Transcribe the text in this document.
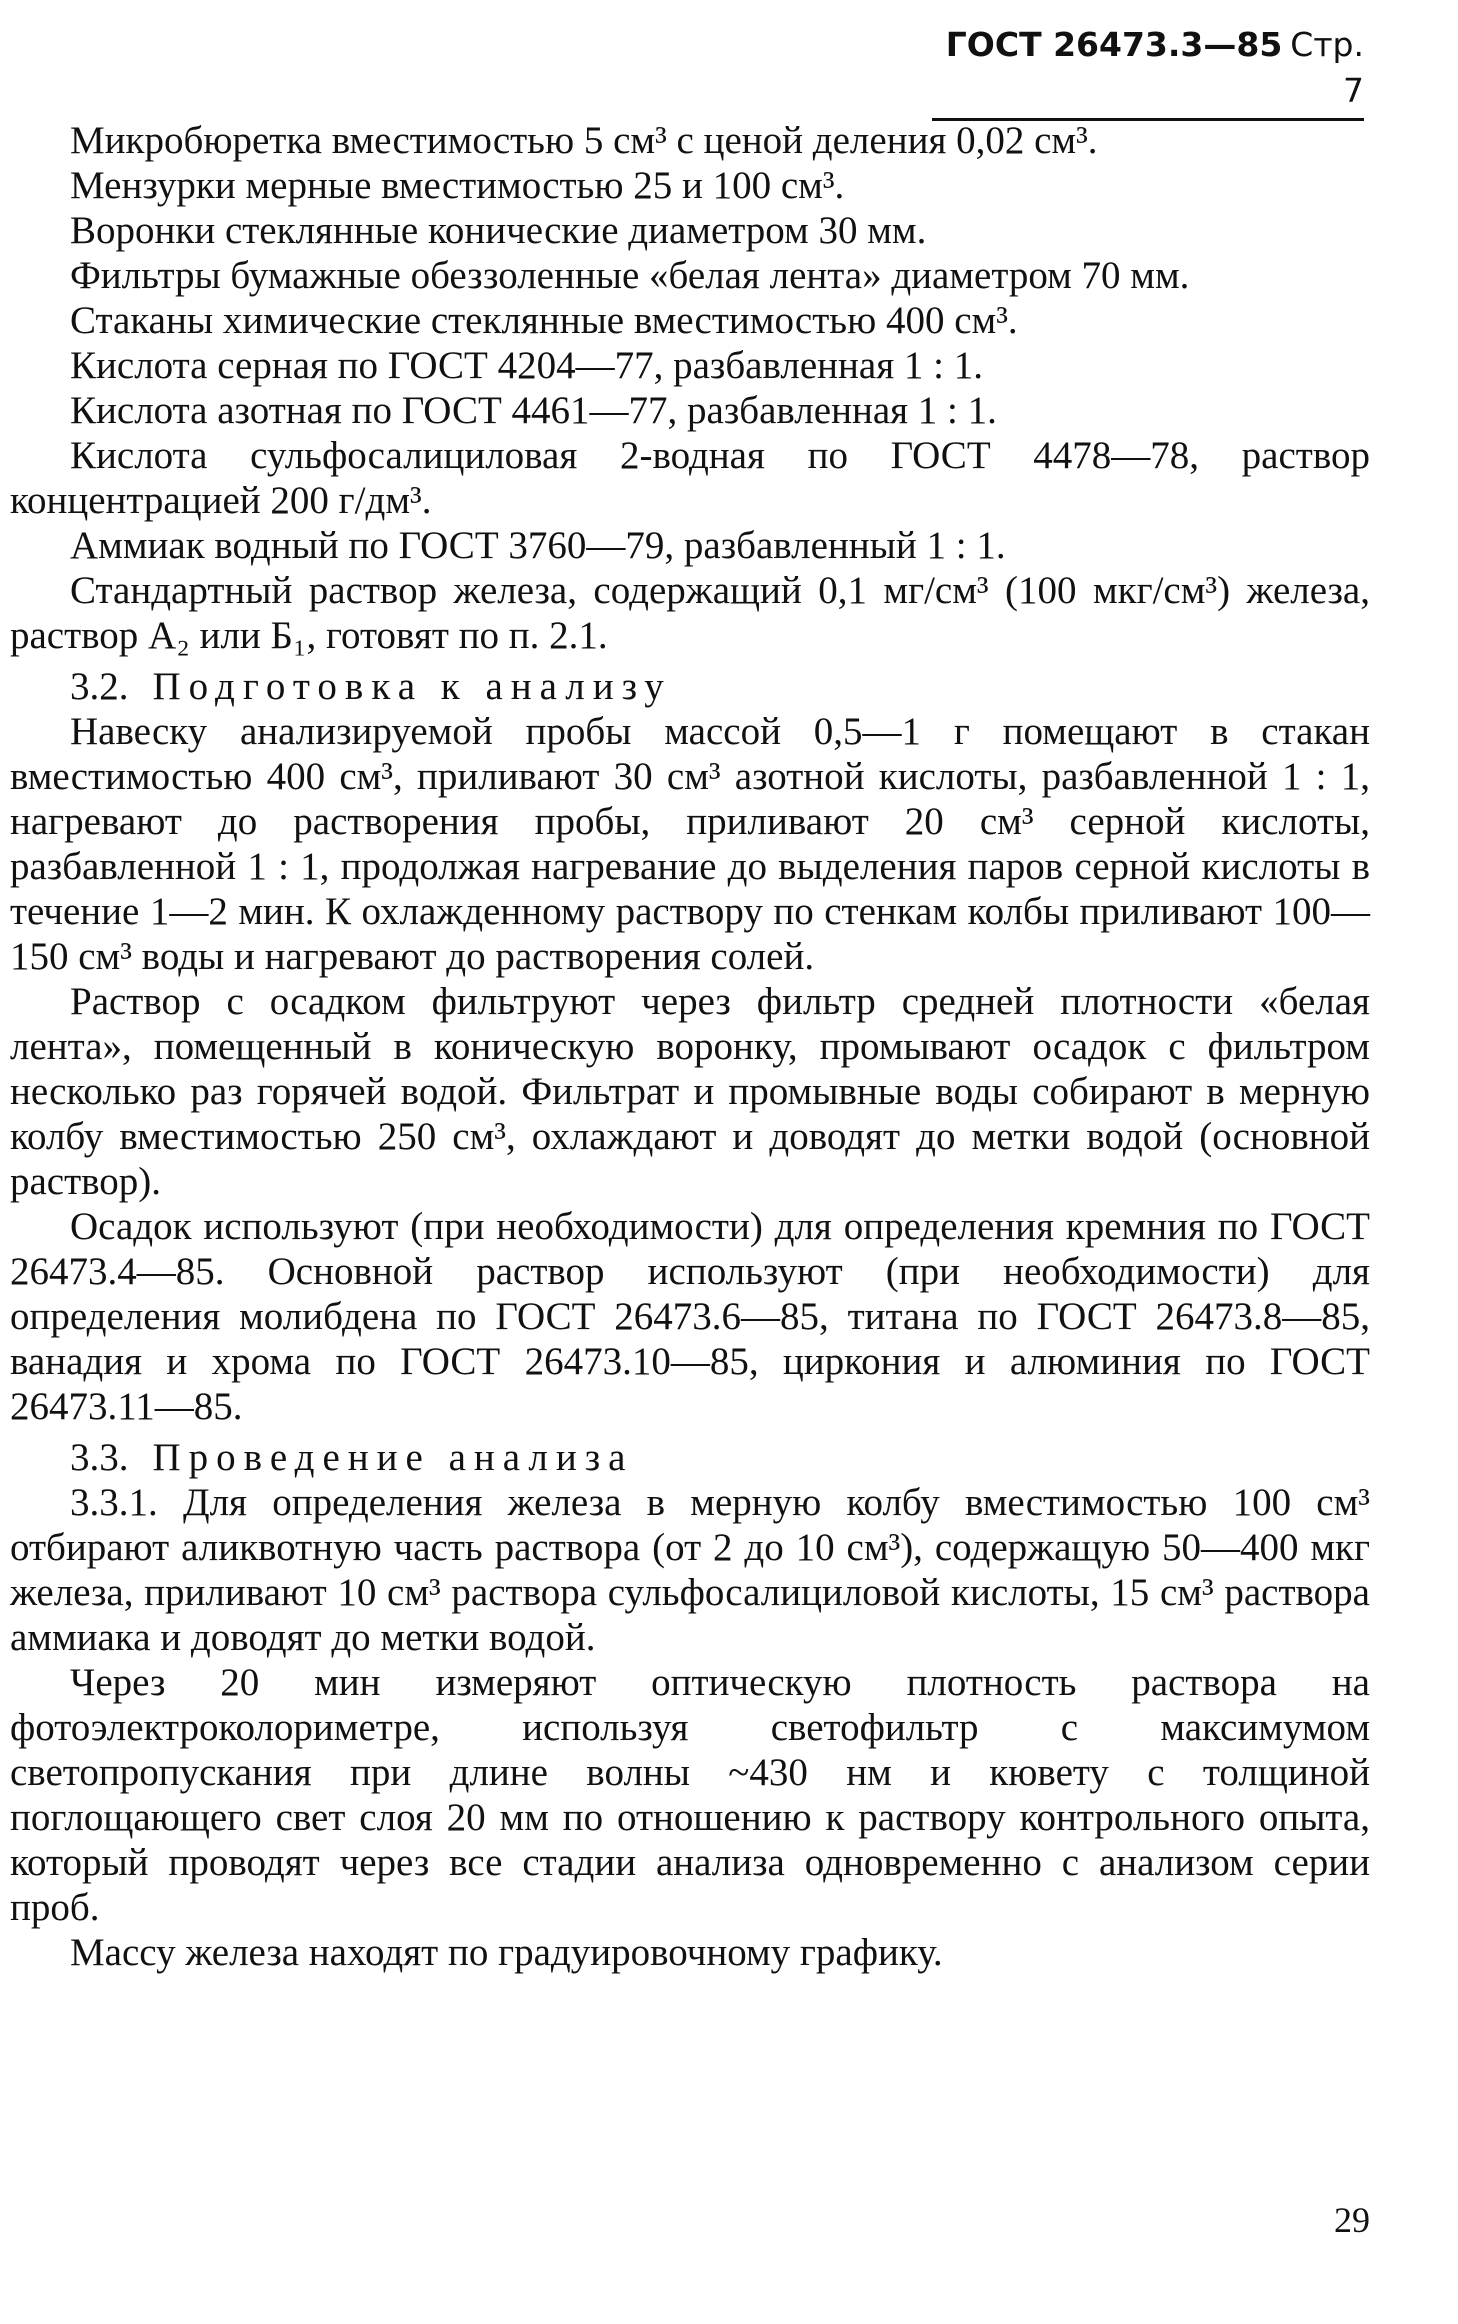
ГОСТ 26473.3—85 Стр. 7

Микробюретка вместимостью 5 см³ с ценой деления 0,02 см³.

Мензурки мерные вместимостью 25 и 100 см³.

Воронки стеклянные конические диаметром 30 мм.

Фильтры бумажные обеззоленные «белая лента» диаметром 70 мм.

Стаканы химические стеклянные вместимостью 400 см³.

Кислота серная по ГОСТ 4204—77, разбавленная 1 : 1.

Кислота азотная по ГОСТ 4461—77, разбавленная 1 : 1.

Кислота сульфосалициловая 2-водная по ГОСТ 4478—78, раствор концентрацией 200 г/дм³.

Аммиак водный по ГОСТ 3760—79, разбавленный 1 : 1.

Стандартный раствор железа, содержащий 0,1 мг/см³ (100 мкг/см³) железа, раствор А₂ или Б₁, готовят по п. 2.1.

3.2. Подготовка к анализу

Навеску анализируемой пробы массой 0,5—1 г помещают в стакан вместимостью 400 см³, приливают 30 см³ азотной кислоты, разбавленной 1 : 1, нагревают до растворения пробы, приливают 20 см³ серной кислоты, разбавленной 1 : 1, продолжая нагревание до выделения паров серной кислоты в течение 1—2 мин. К охлажденному раствору по стенкам колбы приливают 100—150 см³ воды и нагревают до растворения солей.

Раствор с осадком фильтруют через фильтр средней плотности «белая лента», помещенный в коническую воронку, промывают осадок с фильтром несколько раз горячей водой. Фильтрат и промывные воды собирают в мерную колбу вместимостью 250 см³, охлаждают и доводят до метки водой (основной раствор).

Осадок используют (при необходимости) для определения кремния по ГОСТ 26473.4—85. Основной раствор используют (при необходимости) для определения молибдена по ГОСТ 26473.6—85, титана по ГОСТ 26473.8—85, ванадия и хрома по ГОСТ 26473.10—85, циркония и алюминия по ГОСТ 26473.11—85.

3.3. Проведение анализа

3.3.1. Для определения железа в мерную колбу вместимостью 100 см³ отбирают аликвотную часть раствора (от 2 до 10 см³), содержащую 50—400 мкг железа, приливают 10 см³ раствора сульфосалициловой кислоты, 15 см³ раствора аммиака и доводят до метки водой.

Через 20 мин измеряют оптическую плотность раствора на фотоэлектроколориметре, используя светофильтр с максимумом светопропускания при длине волны ~430 нм и кювету с толщиной поглощающего свет слоя 20 мм по отношению к раствору контрольного опыта, который проводят через все стадии анализа одновременно с анализом серии проб.

Массу железа находят по градуировочному графику.

29
